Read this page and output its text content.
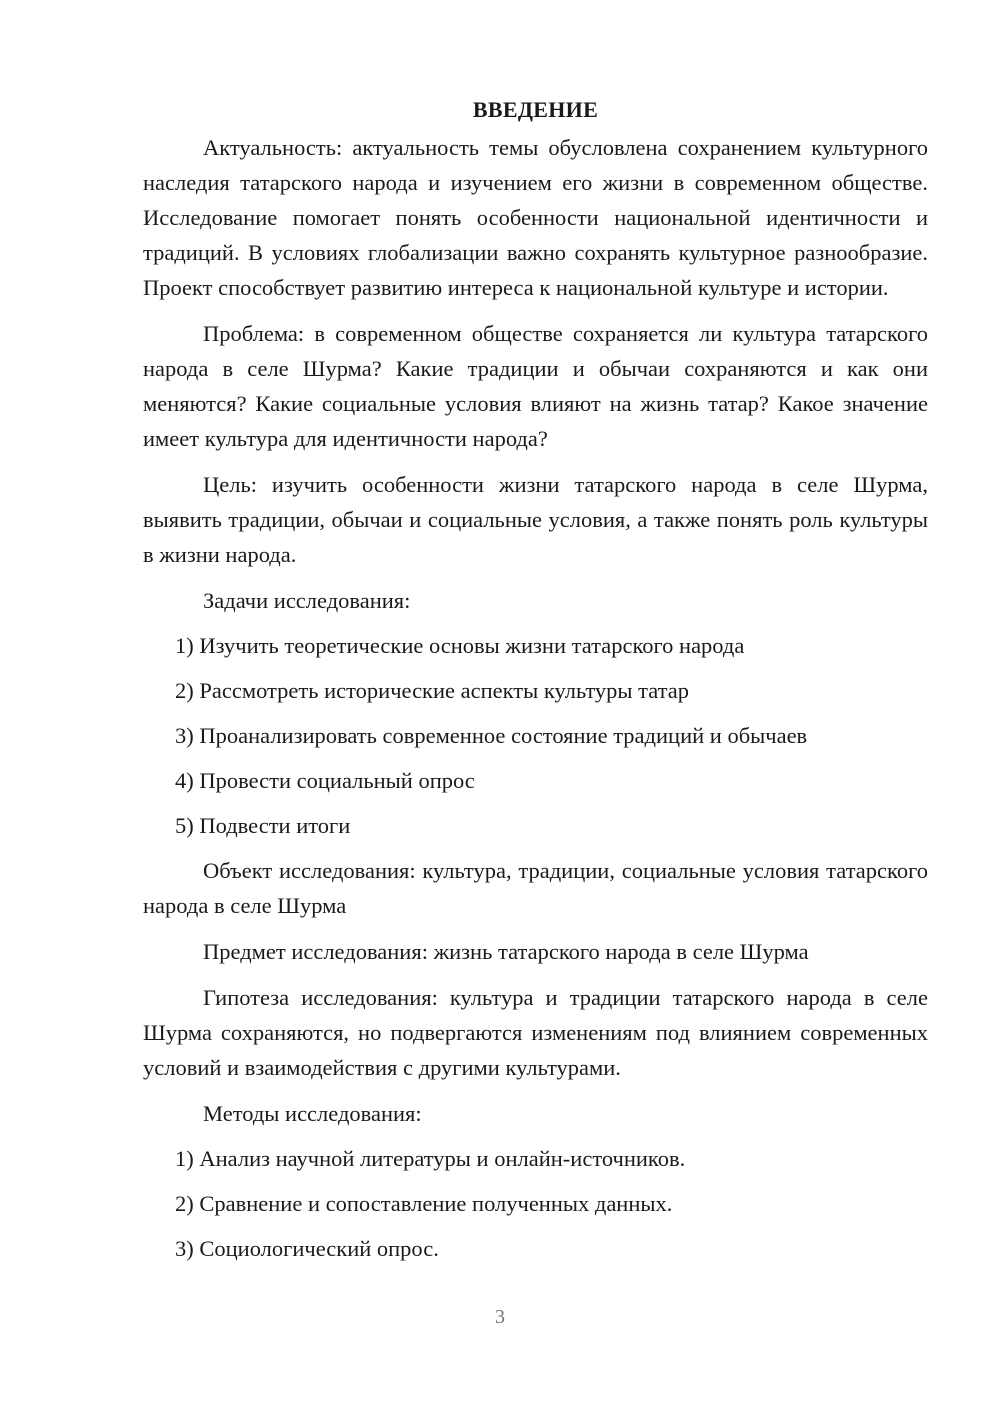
ВВЕДЕНИЕ

Актуальность: актуальность темы обусловлена сохранением культурного наследия татарского народа и изучением его жизни в современном обществе. Исследование помогает понять особенности национальной идентичности и традиций. В условиях глобализации важно сохранять культурное разнообразие. Проект способствует развитию интереса к национальной культуре и истории.

Проблема: в современном обществе сохраняется ли культура татарского народа в селе Шурма? Какие традиции и обычаи сохраняются и как они меняются? Какие социальные условия влияют на жизнь татар? Какое значение имеет культура для идентичности народа?

Цель: изучить особенности жизни татарского народа в селе Шурма, выявить традиции, обычаи и социальные условия, а также понять роль культуры в жизни народа.

Задачи исследования:
1) Изучить теоретические основы жизни татарского народа
2) Рассмотреть исторические аспекты культуры татар
3) Проанализировать современное состояние традиций и обычаев
4) Провести социальный опрос
5) Подвести итоги

Объект исследования: культура, традиции, социальные условия татарского народа в селе Шурма

Предмет исследования: жизнь татарского народа в селе Шурма

Гипотеза исследования: культура и традиции татарского народа в селе Шурма сохраняются, но подвергаются изменениям под влиянием современных условий и взаимодействия с другими культурами.

Методы исследования:
1) Анализ научной литературы и онлайн-источников.
2) Сравнение и сопоставление полученных данных.
3) Социологический опрос.
3
